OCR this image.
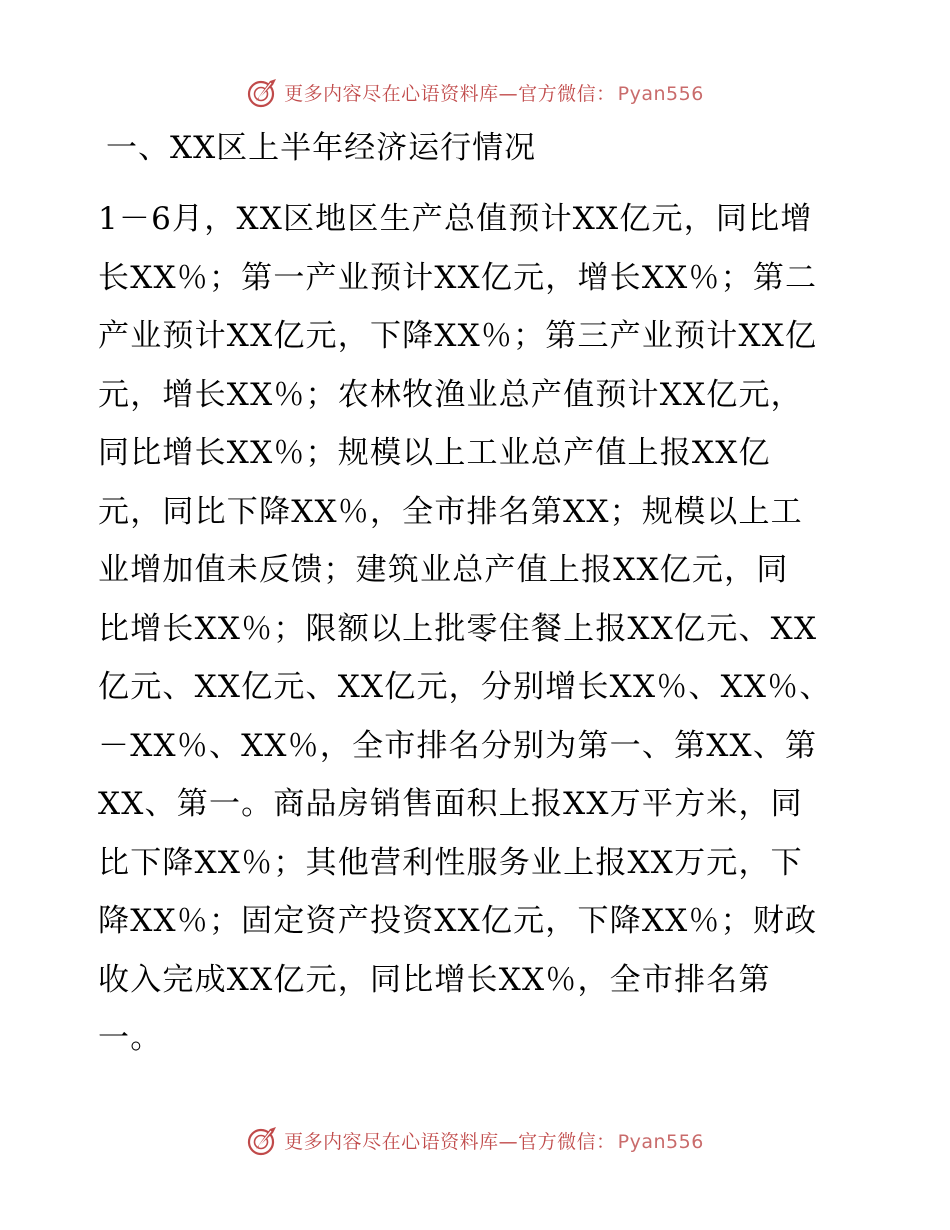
更多内容尽在心语资料库—官方微信： Pyan556
一、XX区上半年经济运行情况
1－6月，XX区地区生产总值预计XX亿元，同比增
长XX％；第一产业预计XX亿元，增长XX％；第二
产业预计XX亿元，下降XX％；第三产业预计XX亿
元，增长XX％；农林牧渔业总产值预计XX亿元，
同比增长XX％；规模以上工业总产值上报XX亿
元，同比下降XX％，全市排名第XX；规模以上工
业增加值未反馈；建筑业总产值上报XX亿元，同
比增长XX％；限额以上批零住餐上报XX亿元、XX
亿元、XX亿元、XX亿元，分别增长XX％、XX％、
－XX％、XX％，全市排名分别为第一、第XX、第
XX、第一。商品房销售面积上报XX万平方米，同
比下降XX％；其他营利性服务业上报XX万元，下
降XX％；固定资产投资XX亿元，下降XX％；财政
收入完成XX亿元，同比增长XX％，全市排名第
一。
更多内容尽在心语资料库—官方微信： Pyan556
